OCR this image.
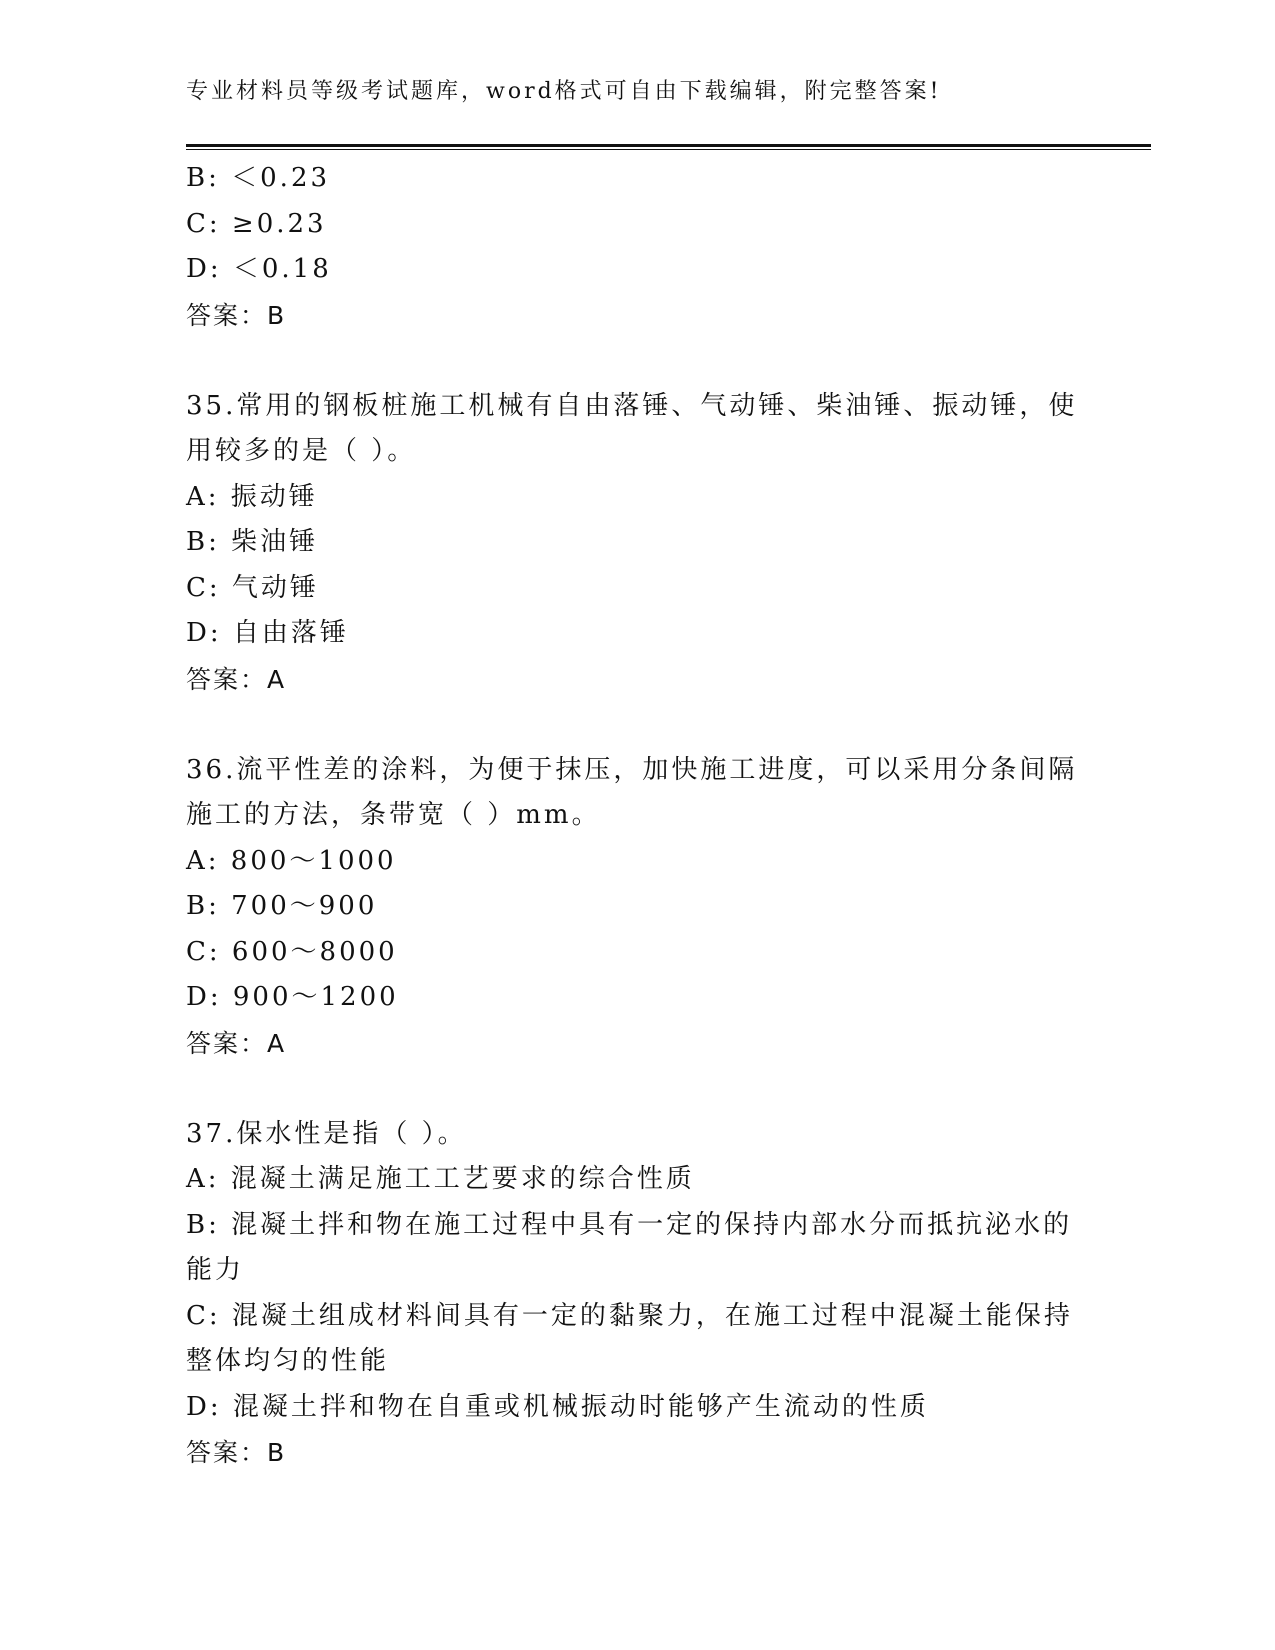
专业材料员等级考试题库，word格式可自由下载编辑，附完整答案!
B: ＜0.23
C: ≥0.23
D: ＜0.18
答案：B
35.常用的钢板桩施工机械有自由落锤、气动锤、柴油锤、振动锤，使
用较多的是（ ）。
A: 振动锤
B: 柴油锤
C: 气动锤
D: 自由落锤
答案：A
36.流平性差的涂料，为便于抹压，加快施工进度，可以采用分条间隔
施工的方法，条带宽（ ）mm。
A: 800～1000
B: 700～900
C: 600～8000
D: 900～1200
答案：A
37.保水性是指（ ）。
A: 混凝土满足施工工艺要求的综合性质
B: 混凝土拌和物在施工过程中具有一定的保持内部水分而抵抗泌水的
能力
C: 混凝土组成材料间具有一定的黏聚力，在施工过程中混凝土能保持
整体均匀的性能
D: 混凝土拌和物在自重或机械振动时能够产生流动的性质
答案：B
